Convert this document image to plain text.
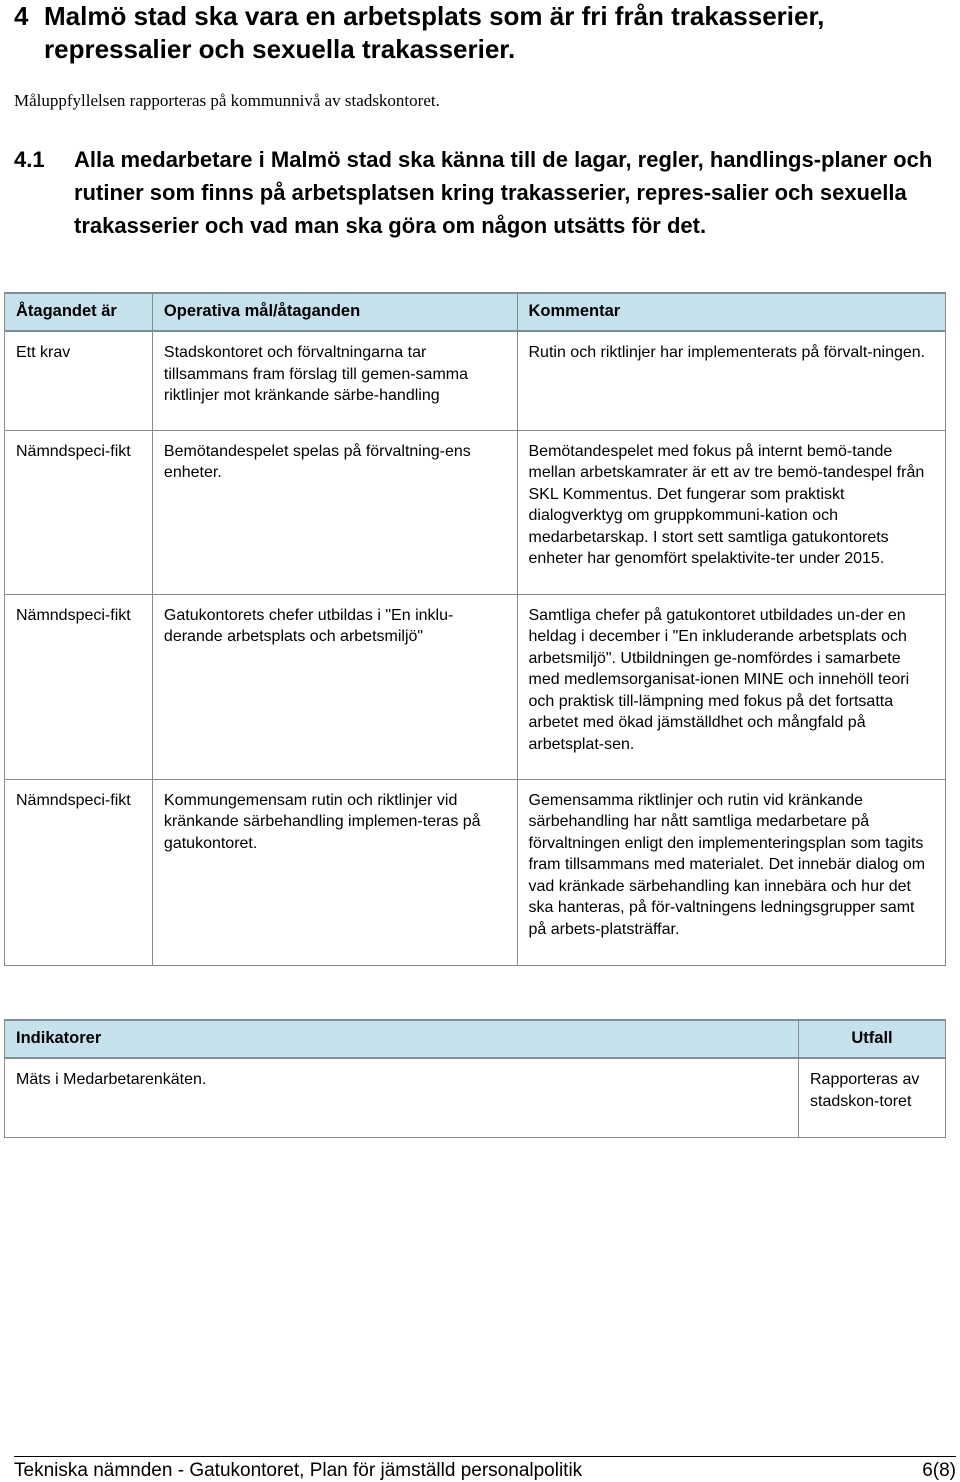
4 Malmö stad ska vara en arbetsplats som är fri från trakasserier, repressalier och sexuella trakasserier.
Måluppfyllelsen rapporteras på kommunnivå av stadskontoret.
4.1	Alla medarbetare i Malmö stad ska känna till de lagar, regler, handlings-planer och rutiner som finns på arbetsplatsen kring trakasserier, repres-salier och sexuella trakasserier och vad man ska göra om någon utsätts för det.
Åtagandet är	Operativa mål/åtaganden	Kommentar
Ett krav	Stadskontoret och förvaltningarna tar tillsammans fram förslag till gemen-samma riktlinjer mot kränkande särbe-handling	Rutin och riktlinjer har implementerats på förvalt-ningen.
Nämndspeci-fikt	Bemötandespelet spelas på förvaltning-ens enheter.	Bemötandespelet med fokus på internt bemö-tande mellan arbetskamrater är ett av tre bemö-tandespel från SKL Kommentus. Det fungerar som praktiskt dialogverktyg om gruppkommuni-kation och medarbetarskap. I stort sett samtliga gatukontorets enheter har genomfört spelaktivite-ter under 2015.
Nämndspeci-fikt	Gatukontorets chefer utbildas i "En inklu-derande arbetsplats och arbetsmiljö"	Samtliga chefer på gatukontoret utbildades un-der en heldag i december i "En inkluderande arbetsplats och arbetsmiljö". Utbildningen ge-nomfördes i samarbete med medlemsorganisat-ionen MINE och innehöll teori och praktisk till-lämpning med fokus på det fortsatta arbetet med ökad jämställdhet och mångfald på arbetsplat-sen.
Nämndspeci-fikt	Kommungemensam rutin och riktlinjer vid kränkande särbehandling implemen-teras på gatukontoret.	Gemensamma riktlinjer och rutin vid kränkande särbehandling har nått samtliga medarbetare på förvaltningen enligt den implementeringsplan som tagits fram tillsammans med materialet. Det innebär dialog om vad kränkade särbehandling kan innebära och hur det ska hanteras, på för-valtningens ledningsgrupper samt på arbets-platsträffar.
Indikatorer	Utfall
Mäts i Medarbetarenkäten.	Rapporteras av stadskon-toret
Tekniska nämnden - Gatukontoret, Plan för jämställd personalpolitik	6(8)
